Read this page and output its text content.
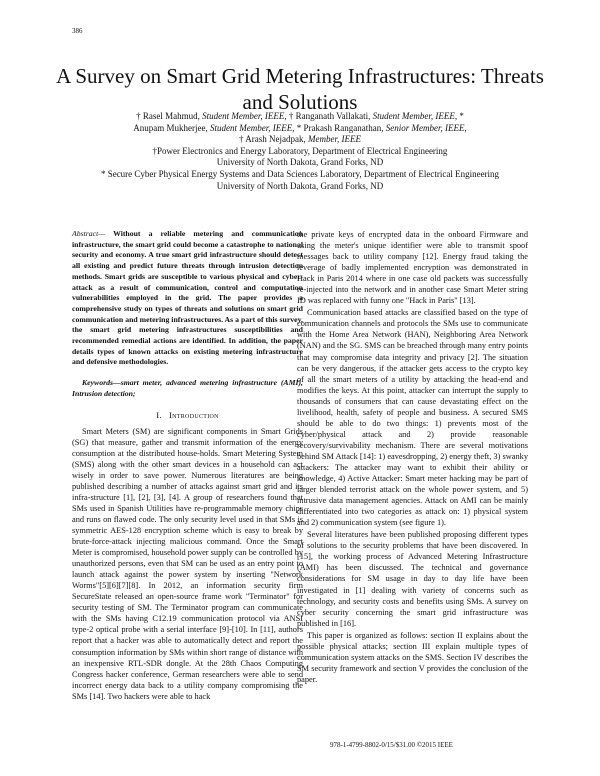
386
A Survey on Smart Grid Metering Infrastructures: Threats and Solutions
† Rasel Mahmud, Student Member, IEEE, † Ranganath Vallakati, Student Member, IEEE, *
Anupam Mukherjee, Student Member, IEEE, * Prakash Ranganathan, Senior Member, IEEE,
† Arash Nejadpak, Member, IEEE
†Power Electronics and Energy Laboratory, Department of Electrical Engineering
University of North Dakota, Grand Forks, ND
* Secure Cyber Physical Energy Systems and Data Sciences Laboratory, Department of Electrical Engineering
University of North Dakota, Grand Forks, ND
Abstract— Without a reliable metering and communication infrastructure, the smart grid could become a catastrophe to national security and economy. A true smart grid infrastructure should detect all existing and predict future threats through intrusion detection methods. Smart grids are susceptible to various physical and cyber-attack as a result of communication, control and computation vulnerabilities employed in the grid. The paper provides a comprehensive study on types of threats and solutions on smart grid communication and metering infrastructures. As a part of this survey, the smart grid metering infrastructures susceptibilities and recommended remedial actions are identified. In addition, the paper details types of known attacks on existing metering infrastructure and defensive methodologies.
Keywords—smart meter, advanced metering infrastructure (AMI), Intrusion detection;
I. Introduction

Smart Meters (SM) are significant components in Smart Grids (SG) that measure, gather and transmit information of the energy consumption at the distributed house-holds. Smart Metering System (SMS) along with the other smart devices in a household can act wisely in order to save power. Numerous literatures are being published describing a number of attacks against smart grid and its infra-structure [1], [2], [3], [4]. A group of researchers found that SMs used in Spanish Utilities have re-programmable memory chips and runs on flawed code. The only security level used in that SMs is symmetric AES-128 encryption scheme which is easy to break by brute-force-attack injecting malicious command. Once the Smart Meter is compromised, household power supply can be controlled by unauthorized persons, even that SM can be used as an entry point to launch attack against the power system by inserting "Network Worms"[5][6][7][8]. In 2012, an information security firm SecureState released an open-source frame work "Terminator" for security testing of SM. The Terminator program can communicate with the SMs having C12.19 communication protocol via ANSI type-2 optical probe with a serial interface [9]-[10]. In [11], authors report that a hacker was able to automatically detect and report the consumption information by SMs within short range of distance with an inexpensive RTL-SDR dongle. At the 28th Chaos Computing Congress hacker conference, German researchers were able to send incorrect energy data back to a utility company compromising the SMs [14]. Two hackers were able to hack

the private keys of encrypted data in the onboard Firmware and using the meter's unique identifier were able to transmit spoof messages back to utility company [12]. Energy fraud taking the leverage of badly implemented encryption was demonstrated in Hack in Paris 2014 where in one case old packets was successfully re-injected into the network and in another case Smart Meter string ID was replaced with funny one "Hack in Paris" [13].

Communication based attacks are classified based on the type of communication channels and protocols the SMs use to communicate with the Home Area Network (HAN), Neighboring Area Network (NAN) and the SG. SMS can be breached through many entry points that may compromise data integrity and privacy [2]. The situation can be very dangerous, if the attacker gets access to the crypto key of all the smart meters of a utility by attacking the head-end and modifies the keys. At this point, attacker can interrupt the supply to thousands of consumers that can cause devastating effect on the livelihood, health, safety of people and business. A secured SMS should be able to do two things: 1) prevents most of the cyber/physical attack and 2) provide reasonable recovery/survivability mechanism. There are several motivations behind SM Attack [14]: 1) eavesdropping, 2) energy theft, 3) swanky attackers: The attacker may want to exhibit their ability or knowledge, 4) Active Attacker: Smart meter hacking may be part of larger blended terrorist attack on the whole power system, and 5) intrusive data management agencies. Attack on AMI can be mainly differentiated into two categories as attack on: 1) physical system and 2) communication system (see figure 1).

Several literatures have been published proposing different types of solutions to the security problems that have been discovered. In [15], the working process of Advanced Metering Infrastructure (AMI) has been discussed. The technical and governance considerations for SM usage in day to day life have been investigated in [1] dealing with variety of concerns such as technology, and security costs and benefits using SMs. A survey on cyber security concerning the smart grid infrastructure was published in [16].

This paper is organized as follows: section II explains about the possible physical attacks; section III explain multiple types of communication system attacks on the SMS. Section IV describes the SM security framework and section V provides the conclusion of the paper.

978-1-4799-8802-0/15/$31.00 ©2015 IEEE
